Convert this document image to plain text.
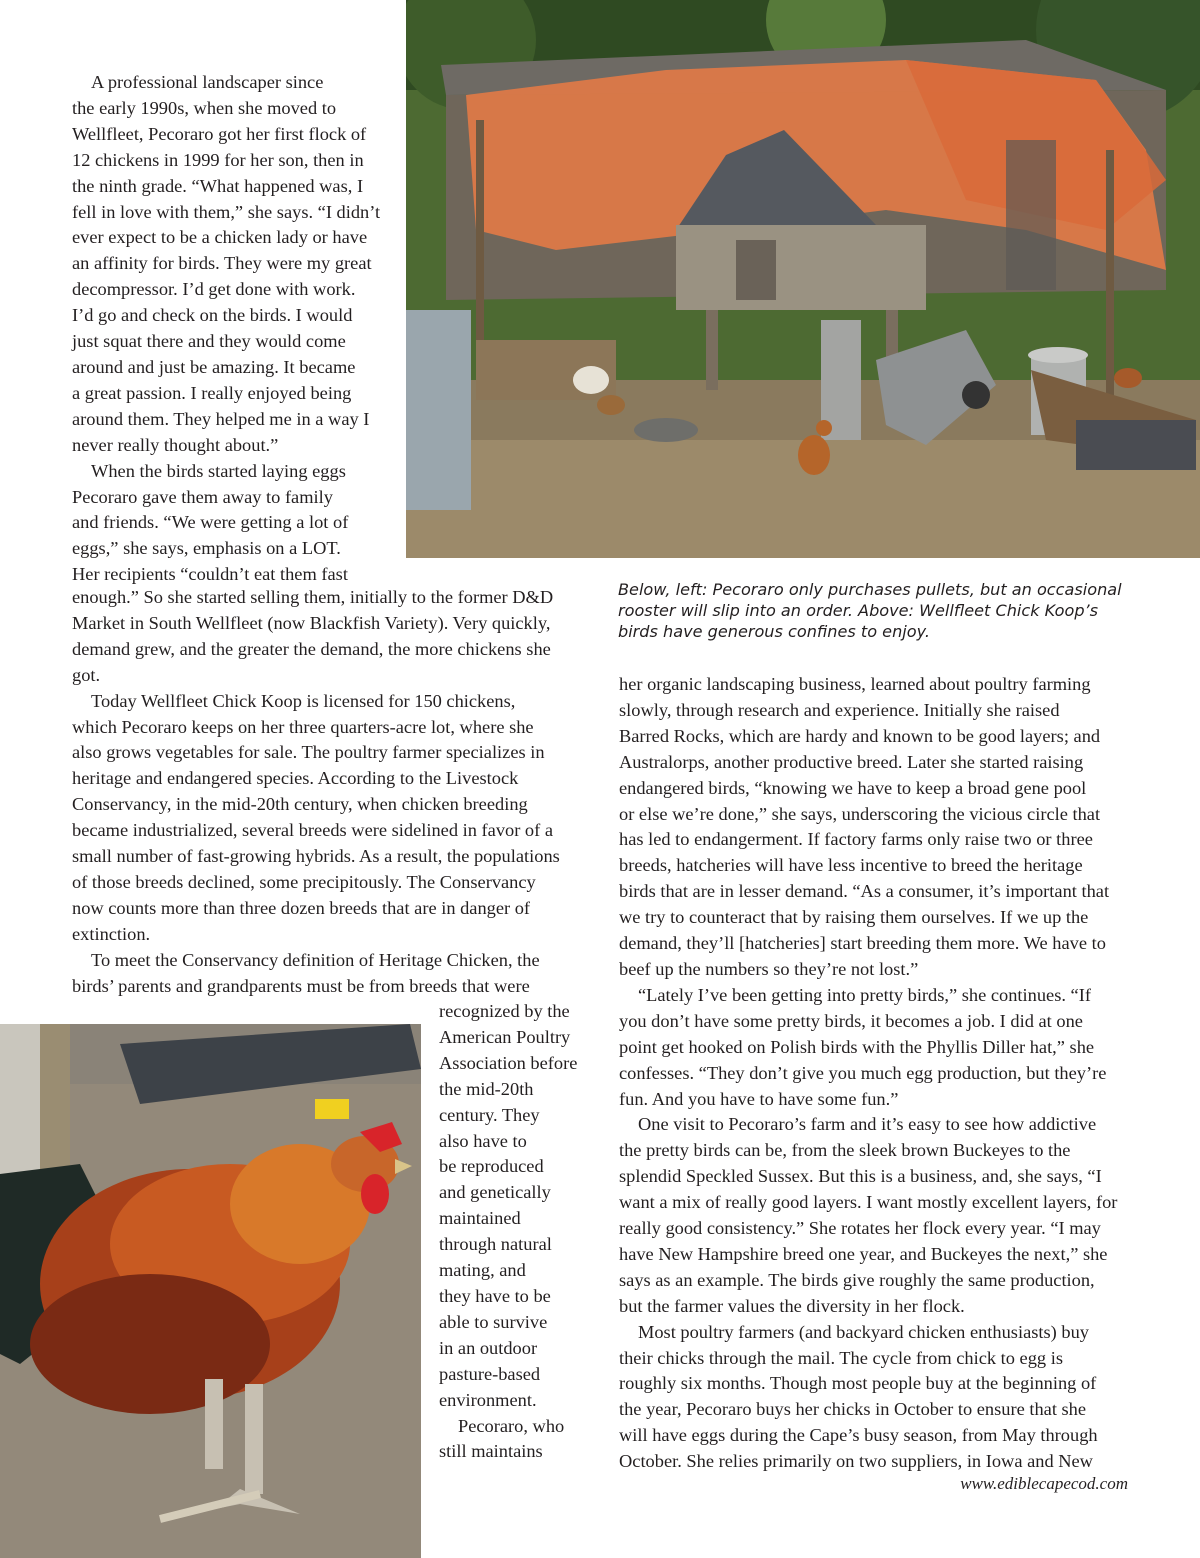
Below, left: Pecoraro only purchases pullets, but an occasional
rooster will slip into an order. Above: Wellfleet Chick Koop’s
birds have generous confines to enjoy.

A professional landscaper since
the early 1990s, when she moved to
Wellfleet, Pecoraro got her first flock of
12 chickens in 1999 for her son, then in
the ninth grade. “What happened was, I
fell in love with them,” she says. “I didn’t
ever expect to be a chicken lady or have
an affinity for birds. They were my great
decompressor. I’d get done with work.
I’d go and check on the birds. I would
just squat there and they would come
around and just be amazing. It became
a great passion. I really enjoyed being
around them. They helped me in a way I
never really thought about.”

When the birds started laying eggs
Pecoraro gave them away to family
and friends. “We were getting a lot of
eggs,” she says, emphasis on a LOT.
Her recipients “couldn’t eat them fast

enough.” So she started selling them, initially to the former D&D
Market in South Wellfleet (now Blackfish Variety). Very quickly,
demand grew, and the greater the demand, the more chickens she
got.

Today Wellfleet Chick Koop is licensed for 150 chickens,
which Pecoraro keeps on her three quarters-acre lot, where she
also grows vegetables for sale. The poultry farmer specializes in
heritage and endangered species. According to the Livestock
Conservancy, in the mid-20th century, when chicken breeding
became industrialized, several breeds were sidelined in favor of a
small number of fast-growing hybrids. As a result, the populations
of those breeds declined, some precipitously. The Conservancy
now counts more than three dozen breeds that are in danger of
extinction.

To meet the Conservancy definition of Heritage Chicken, the
birds’ parents and grandparents must be from breeds that were

recognized by the
American Poultry
Association before
the mid-20th
century. They
also have to
be reproduced
and genetically
maintained
through natural
mating, and
they have to be
able to survive
in an outdoor
pasture-based
environment.

Pecoraro, who
still maintains

her organic landscaping business, learned about poultry farming
slowly, through research and experience. Initially she raised
Barred Rocks, which are hardy and known to be good layers; and
Australorps, another productive breed. Later she started raising
endangered birds, “knowing we have to keep a broad gene pool
or else we’re done,” she says, underscoring the vicious circle that
has led to endangerment. If factory farms only raise two or three
breeds, hatcheries will have less incentive to breed the heritage
birds that are in lesser demand. “As a consumer, it’s important that
we try to counteract that by raising them ourselves. If we up the
demand, they’ll [hatcheries] start breeding them more. We have to
beef up the numbers so they’re not lost.”

“Lately I’ve been getting into pretty birds,” she continues. “If
you don’t have some pretty birds, it becomes a job. I did at one
point get hooked on Polish birds with the Phyllis Diller hat,” she
confesses. “They don’t give you much egg production, but they’re
fun. And you have to have some fun.”

One visit to Pecoraro’s farm and it’s easy to see how addictive
the pretty birds can be, from the sleek brown Buckeyes to the
splendid Speckled Sussex. But this is a business, and, she says, “I
want a mix of really good layers. I want mostly excellent layers, for
really good consistency.” She rotates her flock every year. “I may
have New Hampshire breed one year, and Buckeyes the next,” she
says as an example. The birds give roughly the same production,
but the farmer values the diversity in her flock.

Most poultry farmers (and backyard chicken enthusiasts) buy
their chicks through the mail. The cycle from chick to egg is
roughly six months. Though most people buy at the beginning of
the year, Pecoraro buys her chicks in October to ensure that she
will have eggs during the Cape’s busy season, from May through
October. She relies primarily on two suppliers, in Iowa and New

www.ediblecapecod.com
